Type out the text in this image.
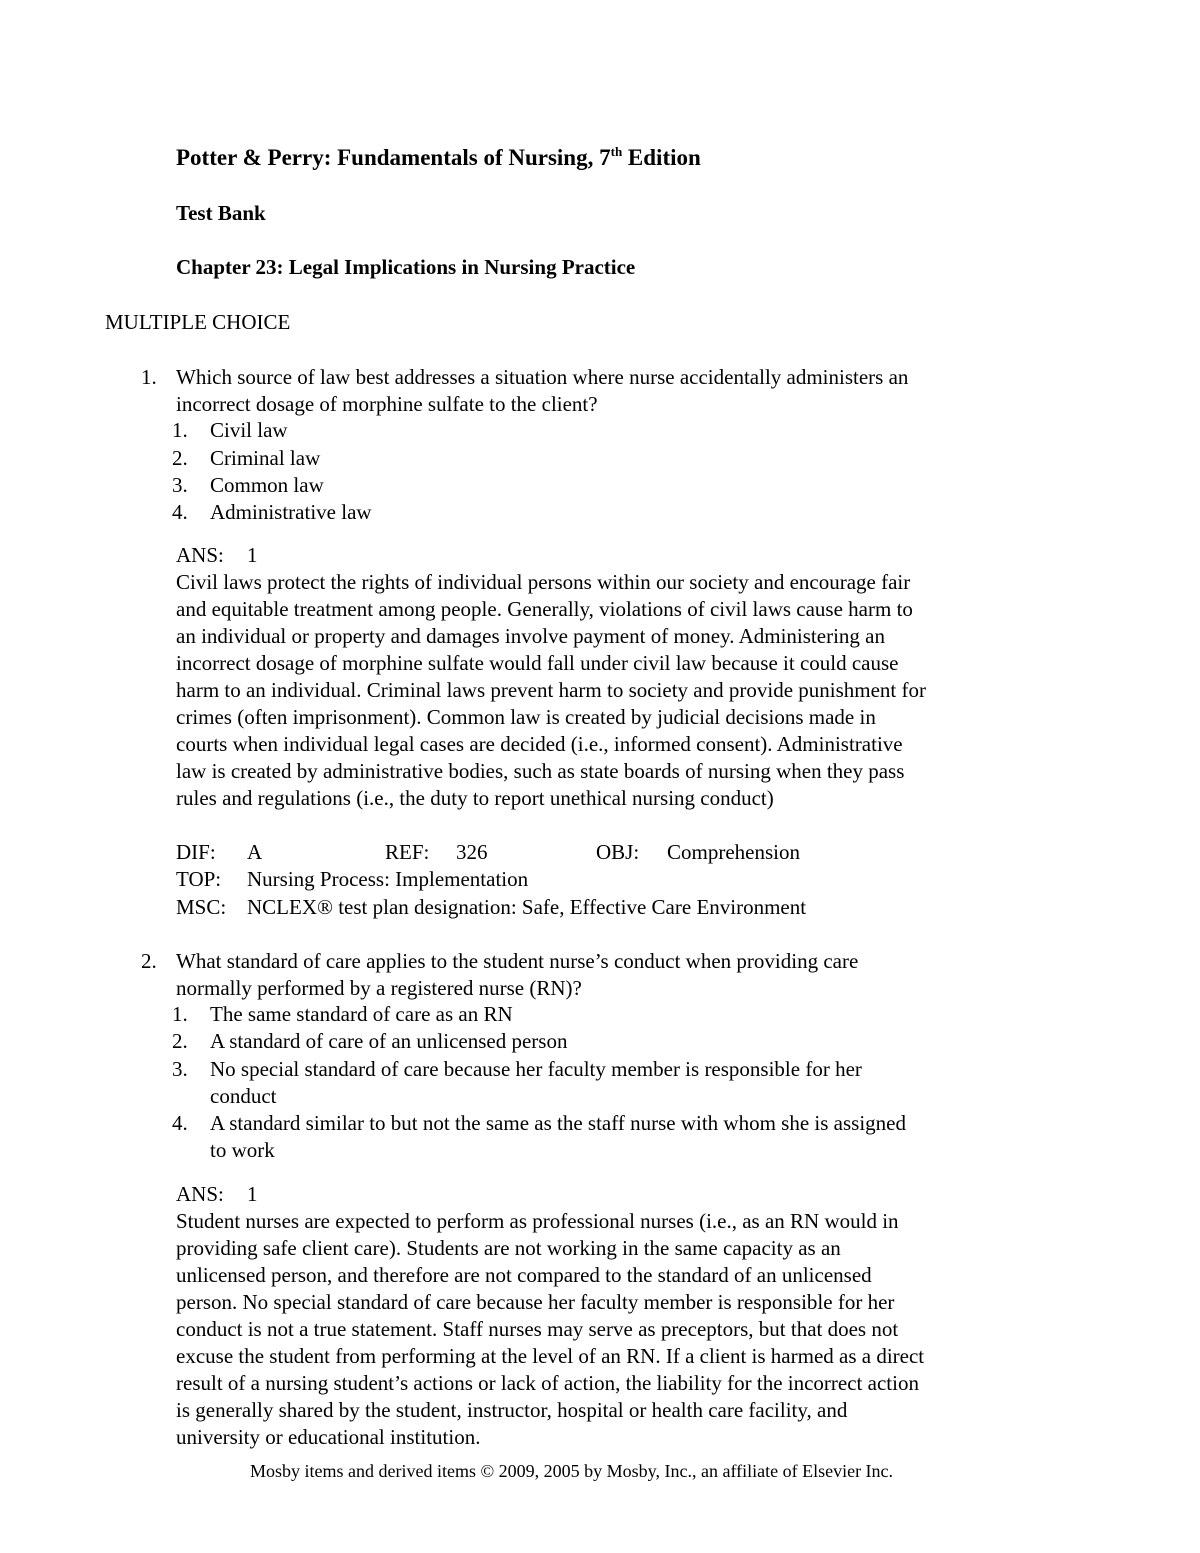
Potter & Perry: Fundamentals of Nursing, 7th Edition
Test Bank
Chapter 23: Legal Implications in Nursing Practice
MULTIPLE CHOICE
1. Which source of law best addresses a situation where nurse accidentally administers an
incorrect dosage of morphine sulfate to the client?
1. Civil law
2. Criminal law
3. Common law
4. Administrative law
ANS: 1
Civil laws protect the rights of individual persons within our society and encourage fair
and equitable treatment among people. Generally, violations of civil laws cause harm to
an individual or property and damages involve payment of money. Administering an
incorrect dosage of morphine sulfate would fall under civil law because it could cause
harm to an individual. Criminal laws prevent harm to society and provide punishment for
crimes (often imprisonment). Common law is created by judicial decisions made in
courts when individual legal cases are decided (i.e., informed consent). Administrative
law is created by administrative bodies, such as state boards of nursing when they pass
rules and regulations (i.e., the duty to report unethical nursing conduct)
DIF: A	REF: 326	OBJ: Comprehension
TOP: Nursing Process: Implementation
MSC: NCLEX® test plan designation: Safe, Effective Care Environment
2. What standard of care applies to the student nurse’s conduct when providing care
normally performed by a registered nurse (RN)?
1. The same standard of care as an RN
2. A standard of care of an unlicensed person
3. No special standard of care because her faculty member is responsible for her
conduct
4. A standard similar to but not the same as the staff nurse with whom she is assigned
to work
ANS: 1
Student nurses are expected to perform as professional nurses (i.e., as an RN would in
providing safe client care). Students are not working in the same capacity as an
unlicensed person, and therefore are not compared to the standard of an unlicensed
person. No special standard of care because her faculty member is responsible for her
conduct is not a true statement. Staff nurses may serve as preceptors, but that does not
excuse the student from performing at the level of an RN. If a client is harmed as a direct
result of a nursing student’s actions or lack of action, the liability for the incorrect action
is generally shared by the student, instructor, hospital or health care facility, and
university or educational institution.
Mosby items and derived items © 2009, 2005 by Mosby, Inc., an affiliate of Elsevier Inc.
